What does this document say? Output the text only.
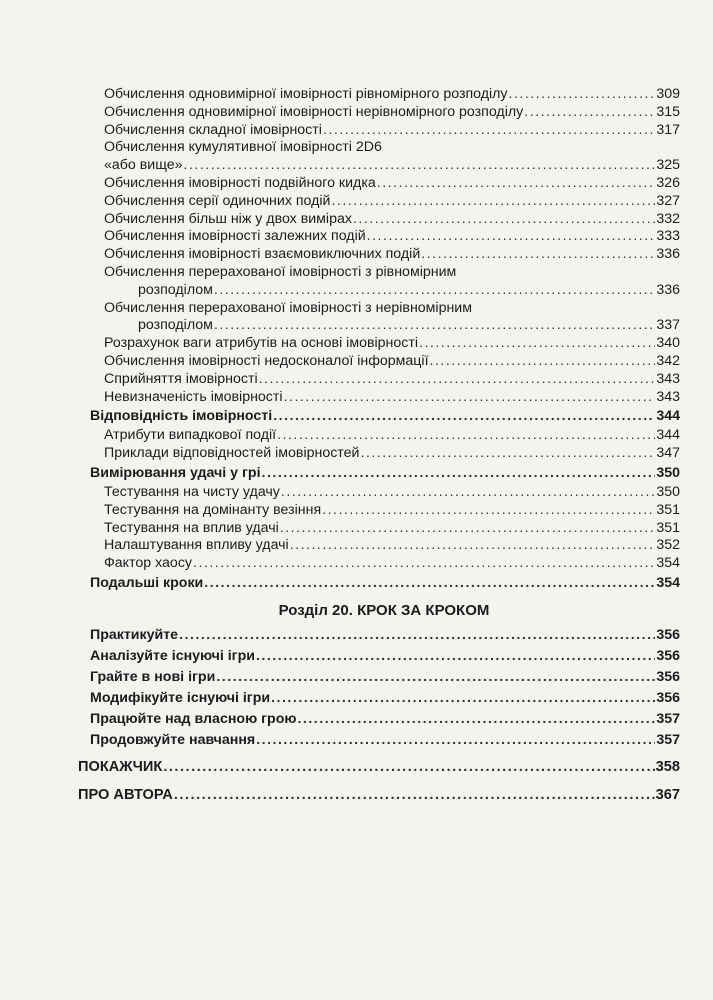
Обчислення одновимірної імовірності рівномірного розподілу .....	309
Обчислення одновимірної імовірності нерівномірного розподілу .....	315
Обчислення складної імовірності .....	317
Обчислення кумулятивної імовірності 2D6
«або вище» .....	325
Обчислення імовірності подвійного кидка .....	326
Обчислення серії одиночних подій .....	327
Обчислення більш ніж у двох вимірах .....	332
Обчислення імовірності залежних подій .....	333
Обчислення імовірності взаємовиключних подій .....	336
Обчислення перерахованої імовірності з рівномірним
розподілом .....	336
Обчислення перерахованої імовірності з нерівномірним
розподілом .....	337
Розрахунок ваги атрибутів на основі імовірності .....	340
Обчислення імовірності недосконалої інформації .....	342
Сприйняття імовірності .....	343
Невизначеність імовірності .....	343
Відповідність імовірності .....	344
Атрибути випадкової події .....	344
Приклади відповідностей імовірностей .....	347
Вимірювання удачі у грі .....	350
Тестування на чисту удачу .....	350
Тестування на домінанту везіння .....	351
Тестування на вплив удачі .....	351
Налаштування впливу удачі .....	352
Фактор хаосу .....	354
Подальші кроки .....	354
Розділ 20. КРОК ЗА КРОКОМ
Практикуйте .....	356
Аналізуйте існуючі ігри .....	356
Грайте в нові ігри .....	356
Модифікуйте існуючі ігри .....	356
Працюйте над власною грою .....	357
Продовжуйте навчання .....	357
ПОКАЖЧИК .....	358
ПРО АВТОРА .....	367
